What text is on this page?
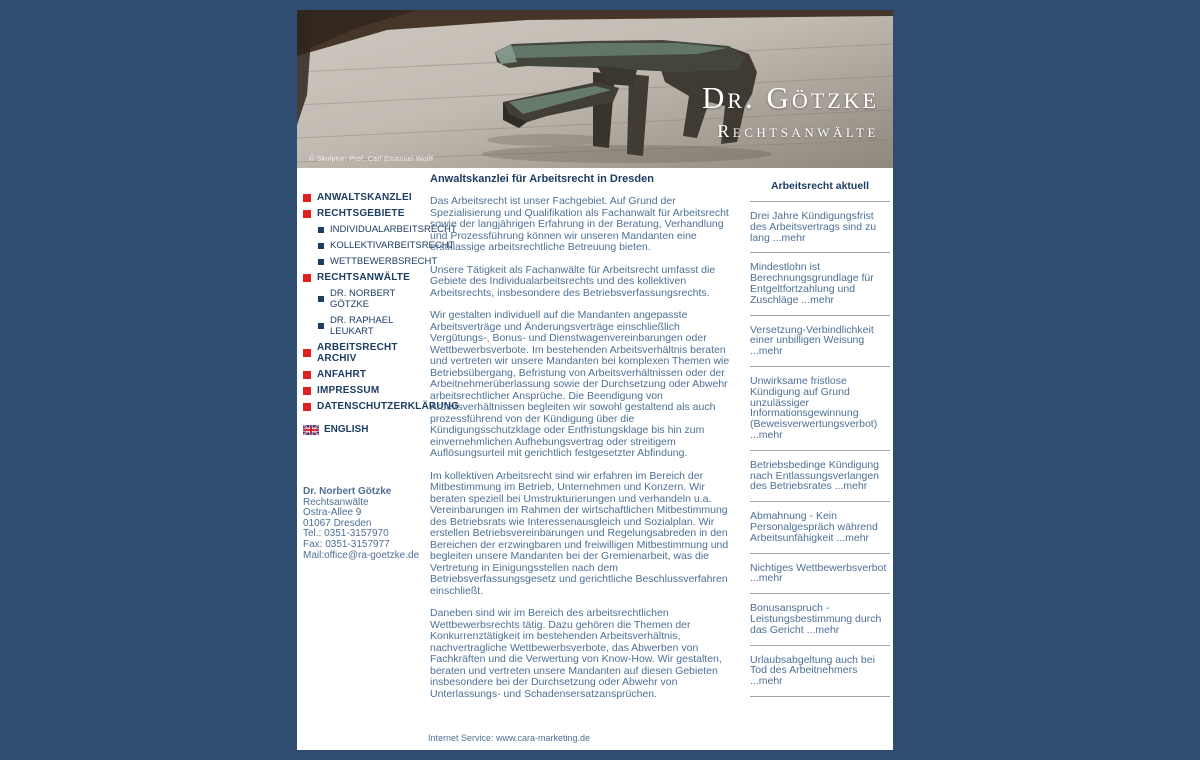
Dr. Götzke
Rechtsanwälte
© Skulptur: Prof. Carl Emanuel Wolff
ANWALTSKANZLEI
RECHTSGEBIETE
INDIVIDUALARBEITSRECHT
KOLLEKTIVARBEITSRECHT
WETTBEWERBSRECHT
RECHTSANWÄLTE
DR. NORBERT GÖTZKE
DR. RAPHAEL LEUKART
ARBEITSRECHT ARCHIV
ANFAHRT
IMPRESSUM
DATENSCHUTZERKLÄRUNG
ENGLISH
Dr. Norbert Götzke
Rechtsanwälte
Ostra-Allee 9
01067 Dresden
Tel.: 0351-3157970
Fax: 0351-3157977
Mail:office@ra-goetzke.de
Anwaltskanzlei für Arbeitsrecht in Dresden

Das Arbeitsrecht ist unser Fachgebiet. Auf Grund der Spezialisierung und Qualifikation als Fachanwalt für Arbeitsrecht sowie der langjährigen Erfahrung in der Beratung, Verhandlung und Prozessführung können wir unseren Mandanten eine erstklassige arbeitsrechtliche Betreuung bieten.

Unsere Tätigkeit als Fachanwälte für Arbeitsrecht umfasst die Gebiete des Individualarbeitsrechts und des kollektiven Arbeitsrechts, insbesondere des Betriebsverfassungsrechts.

Wir gestalten individuell auf die Mandanten angepasste Arbeitsverträge und Änderungsverträge einschließlich Vergütungs-, Bonus- und Dienstwagenvereinbarungen oder Wettbewerbsverbote. Im bestehenden Arbeitsverhältnis beraten und vertreten wir unsere Mandanten bei komplexen Themen wie Betriebsübergang, Befristung von Arbeitsverhältnissen oder der Arbeitnehmerüberlassung sowie der Durchsetzung oder Abwehr arbeitsrechtlicher Ansprüche. Die Beendigung von Arbeitsverhältnissen begleiten wir sowohl gestaltend als auch prozessführend von der Kündigung über die Kündigungsschutzklage oder Entfristungsklage bis hin zum einvernehmlichen Aufhebungsvertrag oder streitigem Auflösungsurteil mit gerichtlich festgesetzter Abfindung.

Im kollektiven Arbeitsrecht sind wir erfahren im Bereich der Mitbestimmung im Betrieb, Unternehmen und Konzern. Wir beraten speziell bei Umstrukturierungen und verhandeln u.a. Vereinbarungen im Rahmen der wirtschaftlichen Mitbestimmung des Betriebsrats wie Interessenausgleich und Sozialplan. Wir erstellen Betriebsvereinbarungen und Regelungsabreden in den Bereichen der erzwingbaren und freiwilligen Mitbestimmung und begleiten unsere Mandanten bei der Gremienarbeit, was die Vertretung in Einigungsstellen nach dem Betriebsverfassungsgesetz und gerichtliche Beschlussverfahren einschließt.

Daneben sind wir im Bereich des arbeitsrechtlichen Wettbewerbsrechts tätig. Dazu gehören die Themen der Konkurrenztätigkeit im bestehenden Arbeitsverhältnis, nachvertragliche Wettbewerbsverbote, das Abwerben von Fachkräften und die Verwertung von Know-How. Wir gestalten, beraten und vertreten unsere Mandanten auf diesen Gebieten insbesondere bei der Durchsetzung oder Abwehr von Unterlassungs- und Schadensersatzansprüchen.

Arbeitsrecht aktuell
Drei Jahre Kündigungsfrist des Arbeitsvertrags sind zu lang ...mehr
Mindestlohn ist Berechnungsgrundlage für Entgeltfortzahlung und Zuschläge ...mehr
Versetzung-Verbindlichkeit einer unbilligen Weisung ...mehr
Unwirksame fristlose Kündigung auf Grund unzulässiger Informationsgewinnung (Beweisverwertungsverbot) ...mehr
Betriebsbedinge Kündigung nach Entlassungsverlangen des Betriebsrates ...mehr
Abmahnung - Kein Personalgespräch während Arbeitsunfähigkeit ...mehr
Nichtiges Wettbewerbsverbot ...mehr
Bonusanspruch - Leistungsbestimmung durch das Gericht ...mehr
Urlaubsabgeltung auch bei Tod des Arbeitnehmers ...mehr
Internet Service: www.cara-marketing.de
